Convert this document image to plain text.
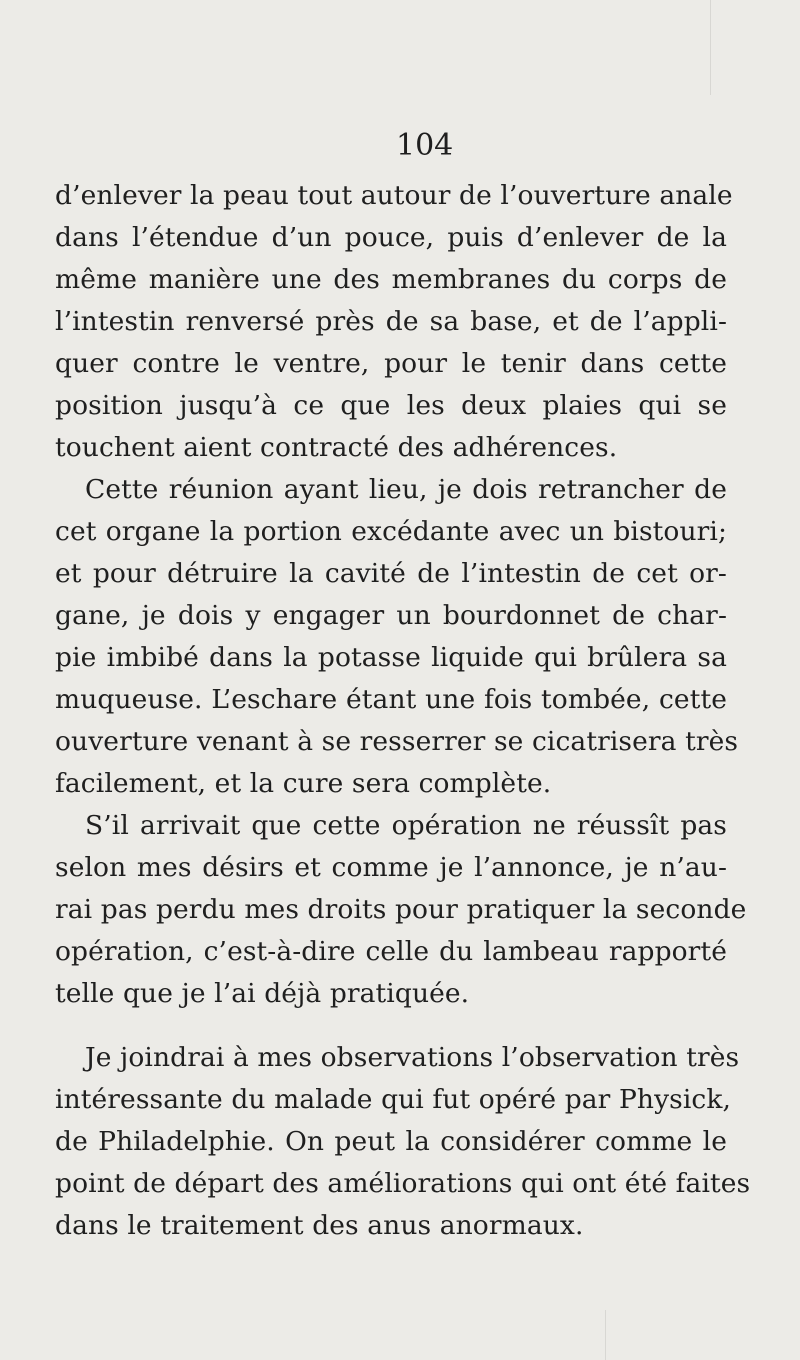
104
d’enlever la peau tout autour de l’ouverture anale
dans l’étendue d’un pouce, puis d’enlever de la
même manière une des membranes du corps de
l’intestin renversé près de sa base, et de l’appli-
quer contre le ventre, pour le tenir dans cette
position jusqu’à ce que les deux plaies qui se
touchent aient contracté des adhérences.
Cette réunion ayant lieu, je dois retrancher de
cet organe la portion excédante avec un bistouri;
et pour détruire la cavité de l’intestin de cet or-
gane, je dois y engager un bourdonnet de char-
pie imbibé dans la potasse liquide qui brûlera sa
muqueuse. L’eschare étant une fois tombée, cette
ouverture venant à se resserrer se cicatrisera très
facilement, et la cure sera complète.
S’il arrivait que cette opération ne réussît pas
selon mes désirs et comme je l’annonce, je n’au-
rai pas perdu mes droits pour pratiquer la seconde
opération, c’est-à-dire celle du lambeau rapporté
telle que je l’ai déjà pratiquée.
Je joindrai à mes observations l’observation très
intéressante du malade qui fut opéré par Physick,
de Philadelphie. On peut la considérer comme le
point de départ des améliorations qui ont été faites
dans le traitement des anus anormaux.
